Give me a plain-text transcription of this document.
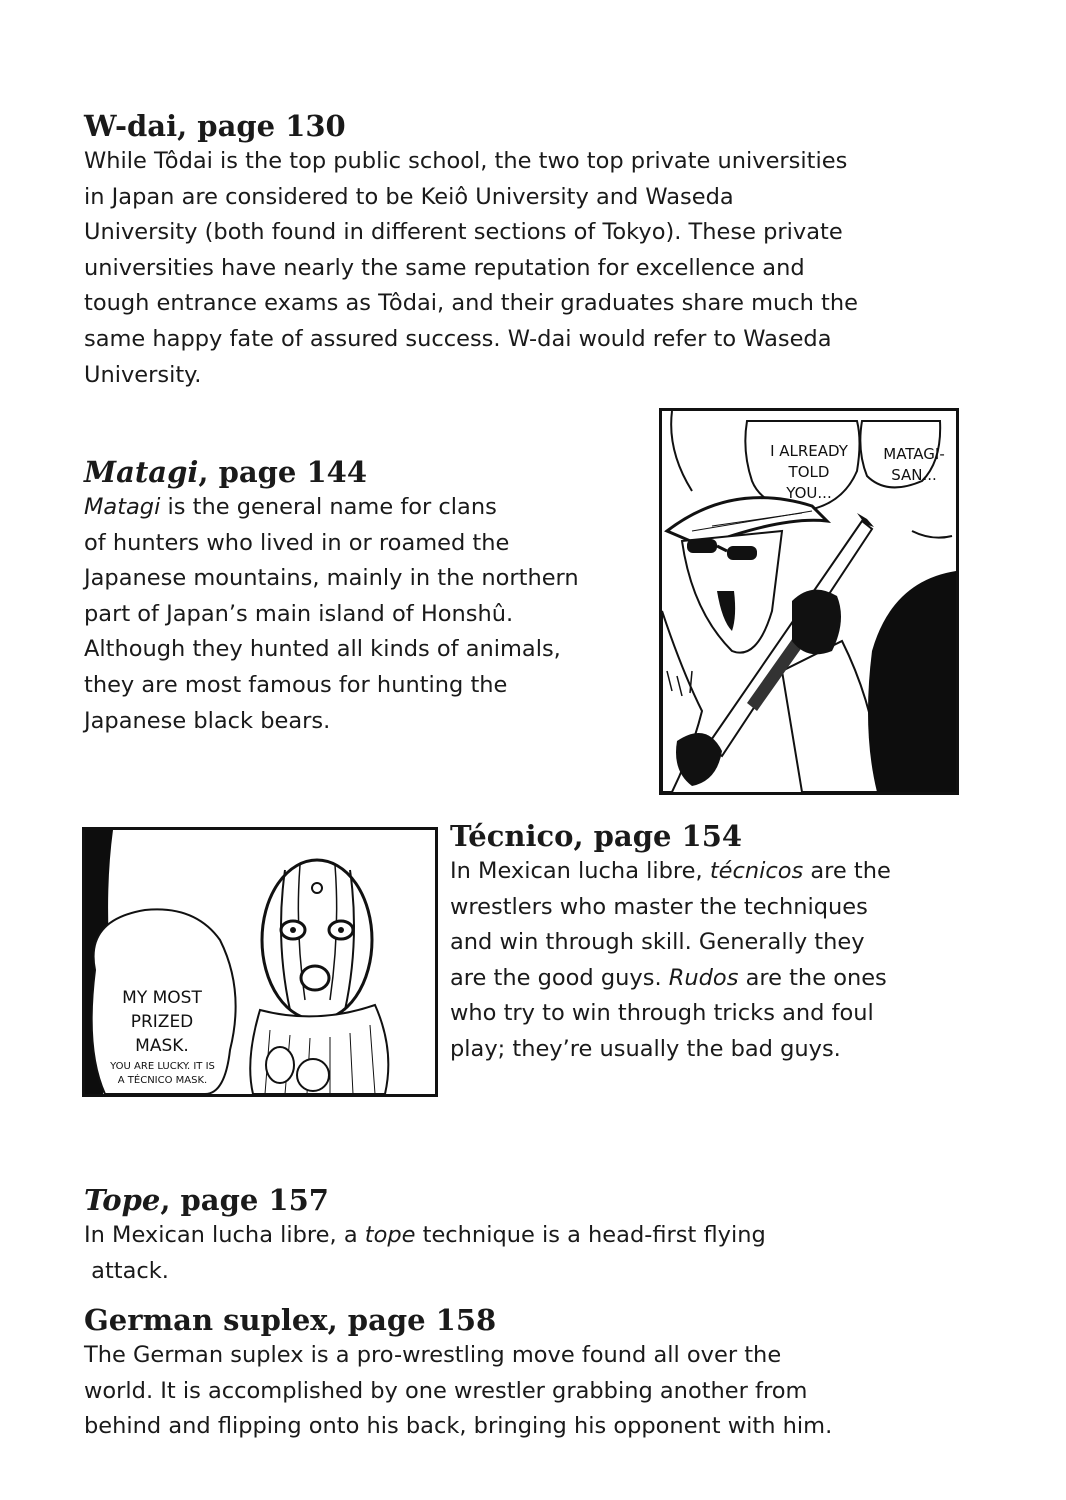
W-dai, page 130

While Tôdai is the top public school, the two top private universities
in Japan are considered to be Keiô University and Waseda
University (both found in different sections of Tokyo). These private
universities have nearly the same reputation for excellence and
tough entrance exams as Tôdai, and their graduates share much the
same happy fate of assured success. W-dai would refer to Waseda
University.

Matagi, page 144

Matagi is the general name for clans
of hunters who lived in or roamed the
Japanese mountains, mainly in the northern
part of Japan’s main island of Honshû.
Although they hunted all kinds of animals,
they are most famous for hunting the
Japanese black bears.

I ALREADY
TOLD
YOU...
MATAGI-
SAN...
MY MOST
PRIZED
MASK.
YOU ARE LUCKY. IT IS
A TÉCNICO MASK.
Técnico, page 154

In Mexican lucha libre, técnicos are the
wrestlers who master the techniques
and win through skill. Generally they
are the good guys. Rudos are the ones
who try to win through tricks and foul
play; they’re usually the bad guys.

Tope, page 157

In Mexican lucha libre, a tope technique is a head-first flying
attack.

German suplex, page 158

The German suplex is a pro-wrestling move found all over the
world. It is accomplished by one wrestler grabbing another from
behind and flipping onto his back, bringing his opponent with him.
